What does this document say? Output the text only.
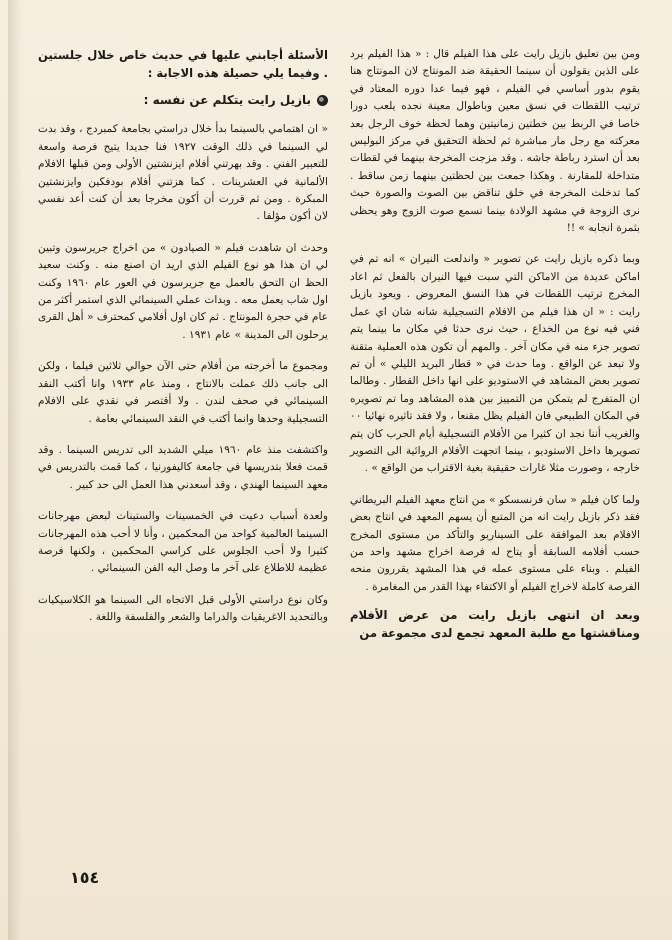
ومن بين تعليق بازيل رايت على هذا الفيلم قال : « هذا الفيلم يرد على الذين يقولون أن سينما الحقيقة ضد المونتاج لان المونتاج هنا يقوم بدور أساسي في الفيلم ، فهو فيما عدا دوره المعتاد في ترتيب اللقطات في نسق معين وباطوال معينة نجده يلعب دورا خاصا في الربط بين خطتين زمانيتين وهما لحظة خوف الرجل بعد معركته مع رجل مار مباشرة ثم لحظة التحقيق في مركز البوليس بعد أن استرد رباطة جاشه . وقد مزجت المخرجة بينهما في لقطات متداخلة للمقارنة . وهكذا جمعت بين لحظتين بينهما زمن ساقط . كما تدخلت المخرجة في خلق تناقض بين الصوت والصورة حيث نرى الزوجة في مشهد الولادة بينما نسمع صوت الزوج وهو يحظى بثمرة انجابه » !!

وبما ذكره بازيل رايت عن تصوير « واندلعت النيران » انه تم في اماكن عديدة من الاماكن التي سبت فيها النيران بالفعل ثم اعاد المخرج ترتيب اللقطات في هذا النسق المعروض . ويعود بازيل رايت : « ان هذا فيلم من الافلام التسجيلية شانه شان اي عمل فني فيه نوع من الخداع ، حيث نرى حدثا في مكان ما بينما يتم تصوير جزء منه في مكان آخر . والمهم أن تكون هذه العملية متقنة ولا تبعد عن الواقع . وما حدث في « قطار البريد الليلي » أن تم تصوير بعض المشاهد في الاستوديو على انها داخل القطار . وطالما ان المتفرج لم يتمكن من التمييز بين هذه المشاهد وما تم تصويره في المكان الطبيعي فان الفيلم يظل مقنعا ، ولا فقد تاثيره نهائيا ٠٠ والغريب أننا نجد ان كثيرا من الأفلام التسجيلية أيام الحرب كان يتم تصويرها داخل الاستوديو ، بينما اتجهت الأفلام الروائية الى التصوير خارجه ، وصورت مثلا غارات حقيقية بغية الاقتراب من الواقع » .

ولما كان فيلم « سان فرنسسكو » من انتاج معهد الفيلم البريطاني فقد ذكر بازيل رايت انه من المتبع أن يسهم المعهد في انتاج بعض الافلام بعد الموافقة على السيناريو والتأكد من مستوى المخرج حسب أفلامه السابقة أو يتاح له فرصة اخراج مشهد واحد من الفيلم . وبناء على مستوى عمله في هذا المشهد يقررون منحه الفرصة كاملة لاخراج الفيلم أو الاكتفاء بهذا القدر من المغامرة .

وبعد ان انتهى بازيل رايت من عرض الأفلام ومناقشتها مع طلبة المعهد تجمع لدى مجموعة من

الأسئلة أجابني عليها في حديث خاص خلال جلستين . وفيما يلي حصيلة هذه الاجابة :

بازيل رايت يتكلم عن نفسه :

« ان اهتمامي بالسينما بدأ خلال دراستي بجامعة كمبردج ، وقد بدت لي السينما في ذلك الوقت ١٩٢٧ فنا جديدا يتيح فرصة واسعة للتعبير الفني . وقد بهرتني أفلام ايزنشتين الأولى ومن قبلها الافلام الألمانية في العشرينات . كما هزتني أفلام بودفكين وايزنشتين المبكرة . ومن ثم قررت أن أكون مخرجا بعد أن كنت أعد نفسي لان أكون مؤلفا .

وحدث ان شاهدت فيلم « الصيادون » من اخراج جريرسون وتبين لي ان هذا هو نوع الفيلم الذي اريد ان اصنع منه . وكنت سعيد الحظ ان التحق بالعمل مع جريرسون في العور عام ١٩٦٠ وكنت اول شاب يعمل معه . وبدات عملي السينمائي الذي استمر أكثر من عام في حجرة المونتاج . ثم كان اول أفلامي كمحترف « أهل القرى يرحلون الى المدينة » عام ١٩٣١ .

ومجموع ما أخرجته من أفلام حتى الآن حوالي ثلاثين فيلما ، ولكن الى جانب ذلك عملت بالانتاج ، ومنذ عام ١٩٣٣ وانا أكتب النقد السينمائي في صحف لندن . ولا أقتصر في نقدي على الافلام التسجيلية وحدها وانما أكتب في النقد السينمائي بعامة .

واكتشفت منذ عام ١٩٦٠ ميلي الشديد الى تدريس السينما . وقد قمت فعلا بتدريسها في جامعة كاليفورنيا ، كما قمت بالتدريس في معهد السينما الهندي ، وقد أسعدني هذا العمل الى حد كبير .

ولعدة أسباب دعيت في الخمسينات والستينات لبعض مهرجانات السينما العالمية كواحد من المحكمين ، وأنا لا أحب هذه المهرجانات كثيرا ولا أحب الجلوس على كراسي المحكمين ، ولكنها فرصة عظيمة للاطلاع على آخر ما وصل اليه الفن السينمائي .

وكان نوع دراستي الأولى قبل الاتجاه الى السينما هو الكلاسيكيات وبالتحديد الاغريقيات والدراما والشعر والفلسفة واللغة .

١٥٤
